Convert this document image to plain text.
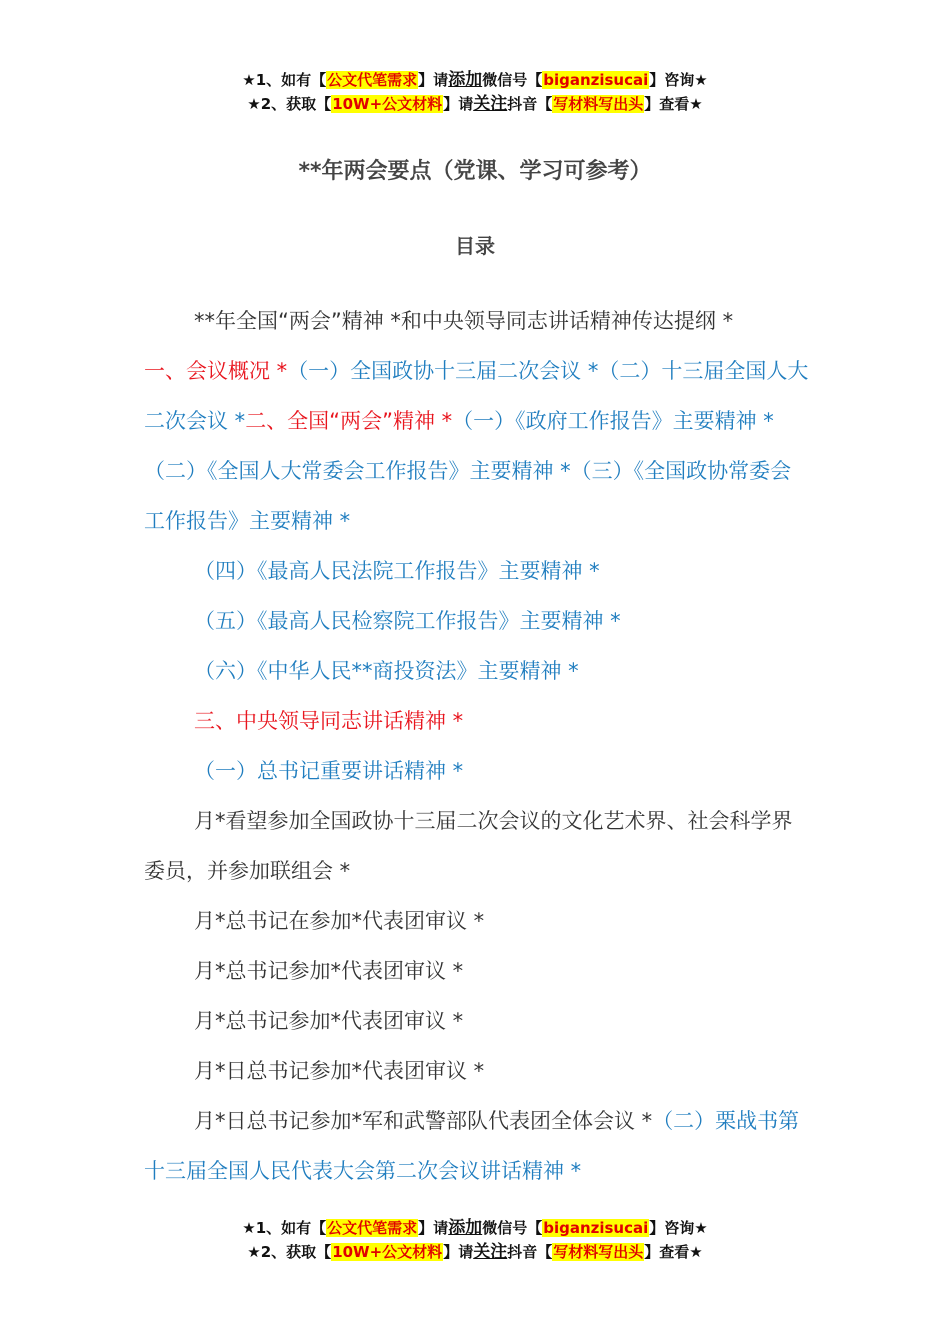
★1、如有【公文代笔需求】请添加微信号【biganzisucai】咨询★
★2、获取【10W+公文材料】请关注抖音【写材料写出头】查看★
**年两会要点（党课、学习可参考）
目录

**年全国“两会”精神 *和中央领导同志讲话精神传达提纲 *

一、会议概况 *（一）全国政协十三届二次会议 *（二）十三届全国人大二次会议 *二、全国“两会”精神 *（一）《政府工作报告》主要精神 *（二）《全国人大常委会工作报告》主要精神 *（三）《全国政协常委会工作报告》主要精神 *

（四）《最高人民法院工作报告》主要精神 *

（五）《最高人民检察院工作报告》主要精神 *

（六）《中华人民**商投资法》主要精神 *

三、中央领导同志讲话精神 *

（一）总书记重要讲话精神 *

月*看望参加全国政协十三届二次会议的文化艺术界、社会科学界委员，并参加联组会 *

月*总书记在参加*代表团审议 *

月*总书记参加*代表团审议 *

月*总书记参加*代表团审议 *

月*日总书记参加*代表团审议 *

月*日总书记参加*军和武警部队代表团全体会议 *（二）栗战书第十三届全国人民代表大会第二次会议讲话精神 *

★1、如有【公文代笔需求】请添加微信号【biganzisucai】咨询★
★2、获取【10W+公文材料】请关注抖音【写材料写出头】查看★
